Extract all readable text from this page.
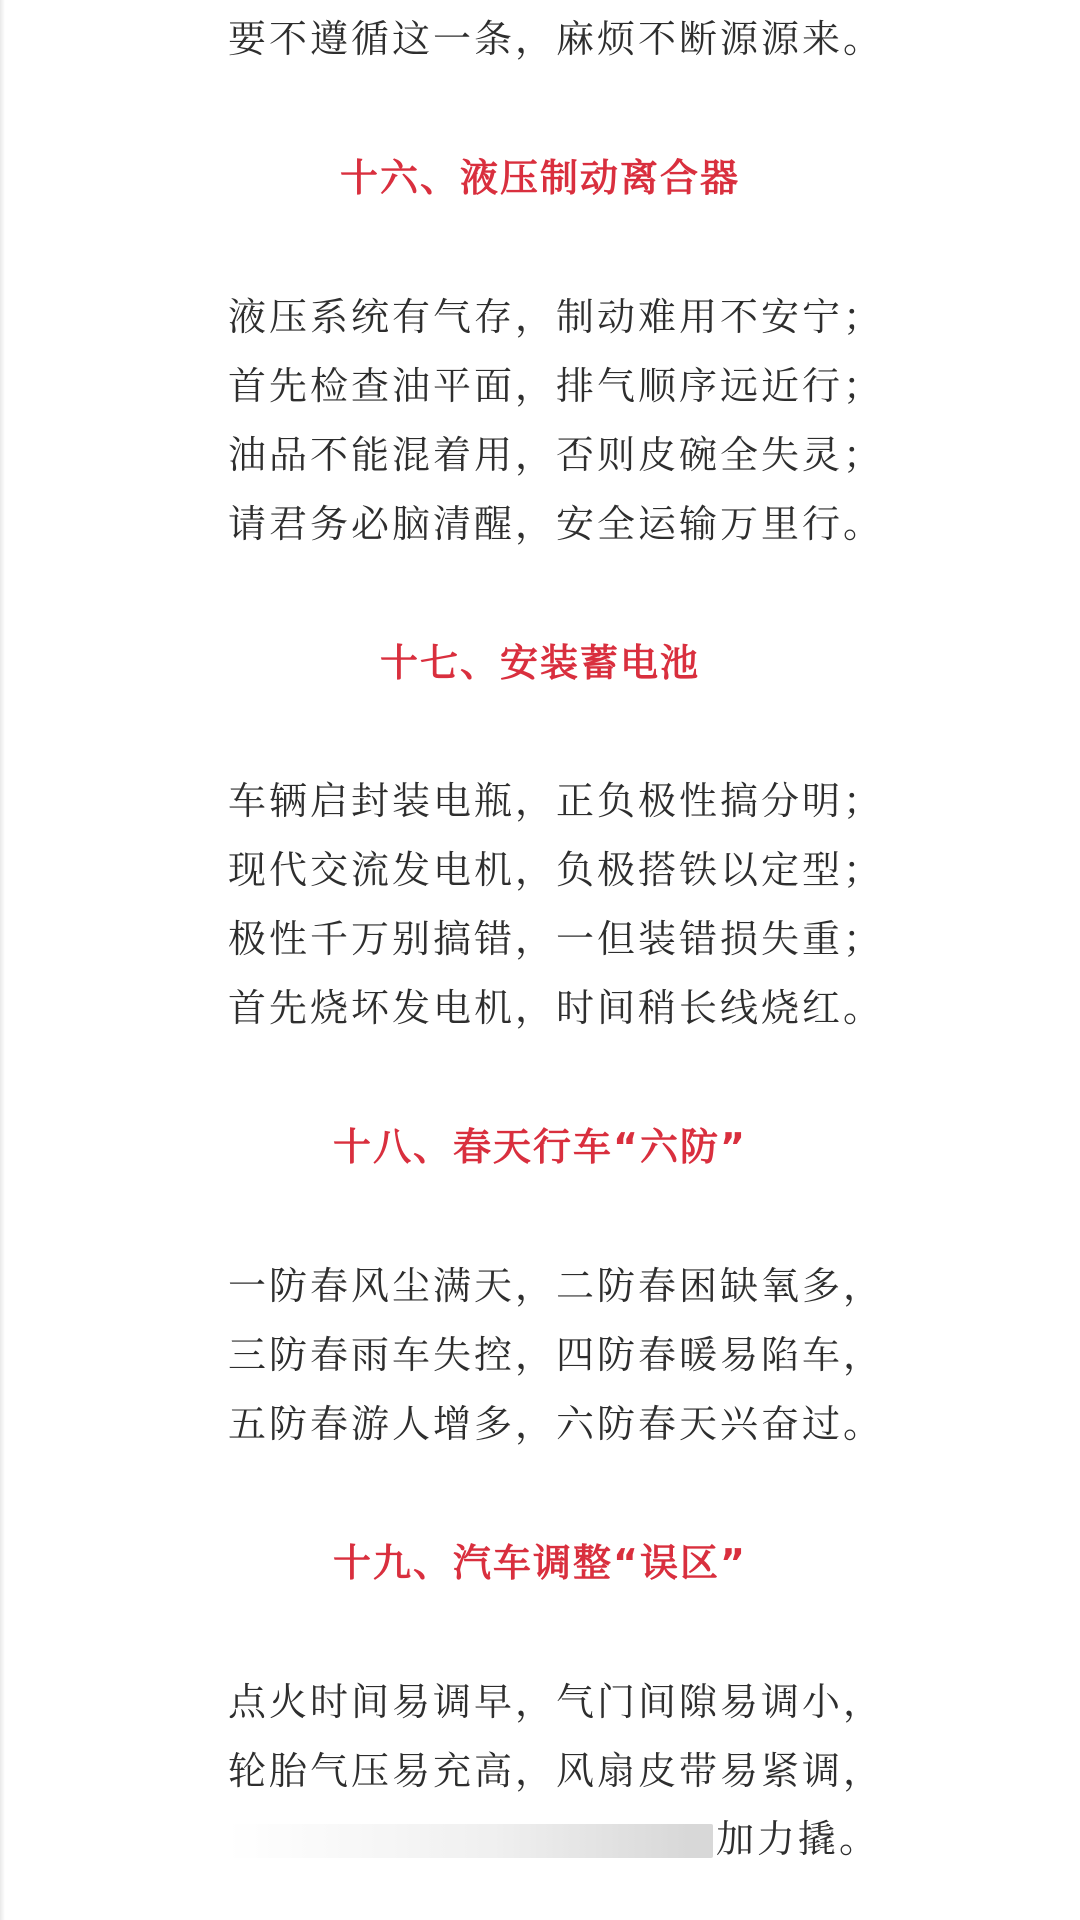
要不遵循这一条，麻烦不断源源来。
十六、液压制动离合器
液压系统有气存，制动难用不安宁；
首先检查油平面，排气顺序远近行；
油品不能混着用，否则皮碗全失灵；
请君务必脑清醒，安全运输万里行。
十七、安装蓄电池
车辆启封装电瓶，正负极性搞分明；
现代交流发电机，负极搭铁以定型；
极性千万别搞错，一但装错损失重；
首先烧坏发电机，时间稍长线烧红。
十八、春天行车“六防”
一防春风尘满天，二防春困缺氧多，
三防春雨车失控，四防春暖易陷车，
五防春游人增多，六防春天兴奋过。
十九、汽车调整“误区”
点火时间易调早，气门间隙易调小，
轮胎气压易充高，风扇皮带易紧调，
加力撬。
